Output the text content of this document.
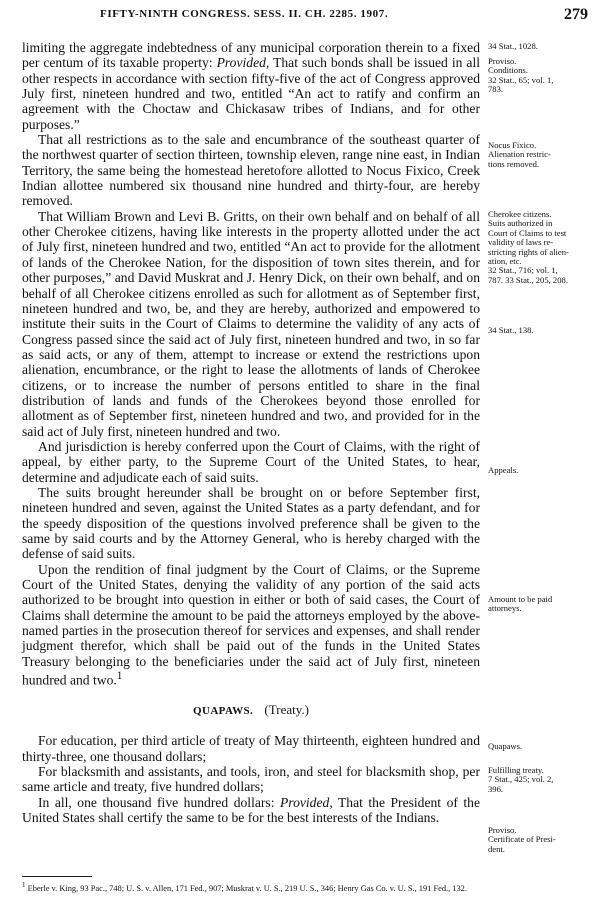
FIFTY-NINTH CONGRESS. SESS. II. CH. 2285. 1907.	279

limiting the aggregate indebtedness of any municipal corporation therein to a fixed per centum of its taxable property: Provided, That such bonds shall be issued in all other respects in accordance with section fifty-five of the act of Congress approved July first, nineteen hundred and two, entitled “An act to ratify and confirm an agreement with the Choctaw and Chickasaw tribes of Indians, and for other purposes.”

That all restrictions as to the sale and encumbrance of the southeast quarter of the northwest quarter of section thirteen, township eleven, range nine east, in Indian Territory, the same being the homestead heretofore allotted to Nocus Fixico, Creek Indian allottee numbered six thousand nine hundred and thirty-four, are hereby removed.

That William Brown and Levi B. Gritts, on their own behalf and on behalf of all other Cherokee citizens, having like interests in the property allotted under the act of July first, nineteen hundred and two, entitled “An act to provide for the allotment of lands of the Cherokee Nation, for the disposition of town sites therein, and for other purposes,” and David Muskrat and J. Henry Dick, on their own behalf, and on behalf of all Cherokee citizens enrolled as such for allotment as of September first, nineteen hundred and two, be, and they are hereby, authorized and empowered to institute their suits in the Court of Claims to determine the validity of any acts of Congress passed since the said act of July first, nineteen hundred and two, in so far as said acts, or any of them, attempt to increase or extend the restrictions upon alienation, encumbrance, or the right to lease the allotments of lands of Cherokee citizens, or to increase the number of persons entitled to share in the final distribution of lands and funds of the Cherokees beyond those enrolled for allotment as of September first, nineteen hundred and two, and provided for in the said act of July first, nineteen hundred and two.

And jurisdiction is hereby conferred upon the Court of Claims, with the right of appeal, by either party, to the Supreme Court of the United States, to hear, determine and adjudicate each of said suits.

The suits brought hereunder shall be brought on or before September first, nineteen hundred and seven, against the United States as a party defendant, and for the speedy disposition of the questions involved preference shall be given to the same by said courts and by the Attorney General, who is hereby charged with the defense of said suits.

Upon the rendition of final judgment by the Court of Claims, or the Supreme Court of the United States, denying the validity of any portion of the said acts authorized to be brought into question in either or both of said cases, the Court of Claims shall determine the amount to be paid the attorneys employed by the above-named parties in the prosecution thereof for services and expenses, and shall render judgment therefor, which shall be paid out of the funds in the United States Treasury belonging to the beneficiaries under the said act of July first, nineteen hundred and two.$^1$

QUAPAWS. (Treaty.)

For education, per third article of treaty of May thirteenth, eighteen hundred and thirty-three, one thousand dollars;

For blacksmith and assistants, and tools, iron, and steel for blacksmith shop, per same article and treaty, five hundred dollars;

In all, one thousand five hundred dollars: Provided, That the President of the United States shall certify the same to be for the best interests of the Indians.

34 Stat., 1028.
Proviso.
Conditions.
32 Stat., 65; vol. 1,
783.
Nocus Fixico.
Alienation restric-
tions removed.
Cherokee citizens.
Suits authorized in
Court of Claims to test
validity of laws re-
stricting rights of alien-
ation, etc.
32 Stat., 716; vol. 1,
787. 33 Stat., 205, 208.
34 Stat., 138.
Appeals.
Amount to be paid
attorneys.
Quapaws.
Fulfilling treaty.
7 Stat., 425; vol. 2,
396.
Proviso.
Certificate of Presi-
dent.
$^1$ Eberle v. King, 93 Pac., 748; U. S. v. Allen, 171 Fed., 907; Muskrat v. U. S., 219 U. S., 346; Henry Gas Co. v. U. S., 191 Fed., 132.
